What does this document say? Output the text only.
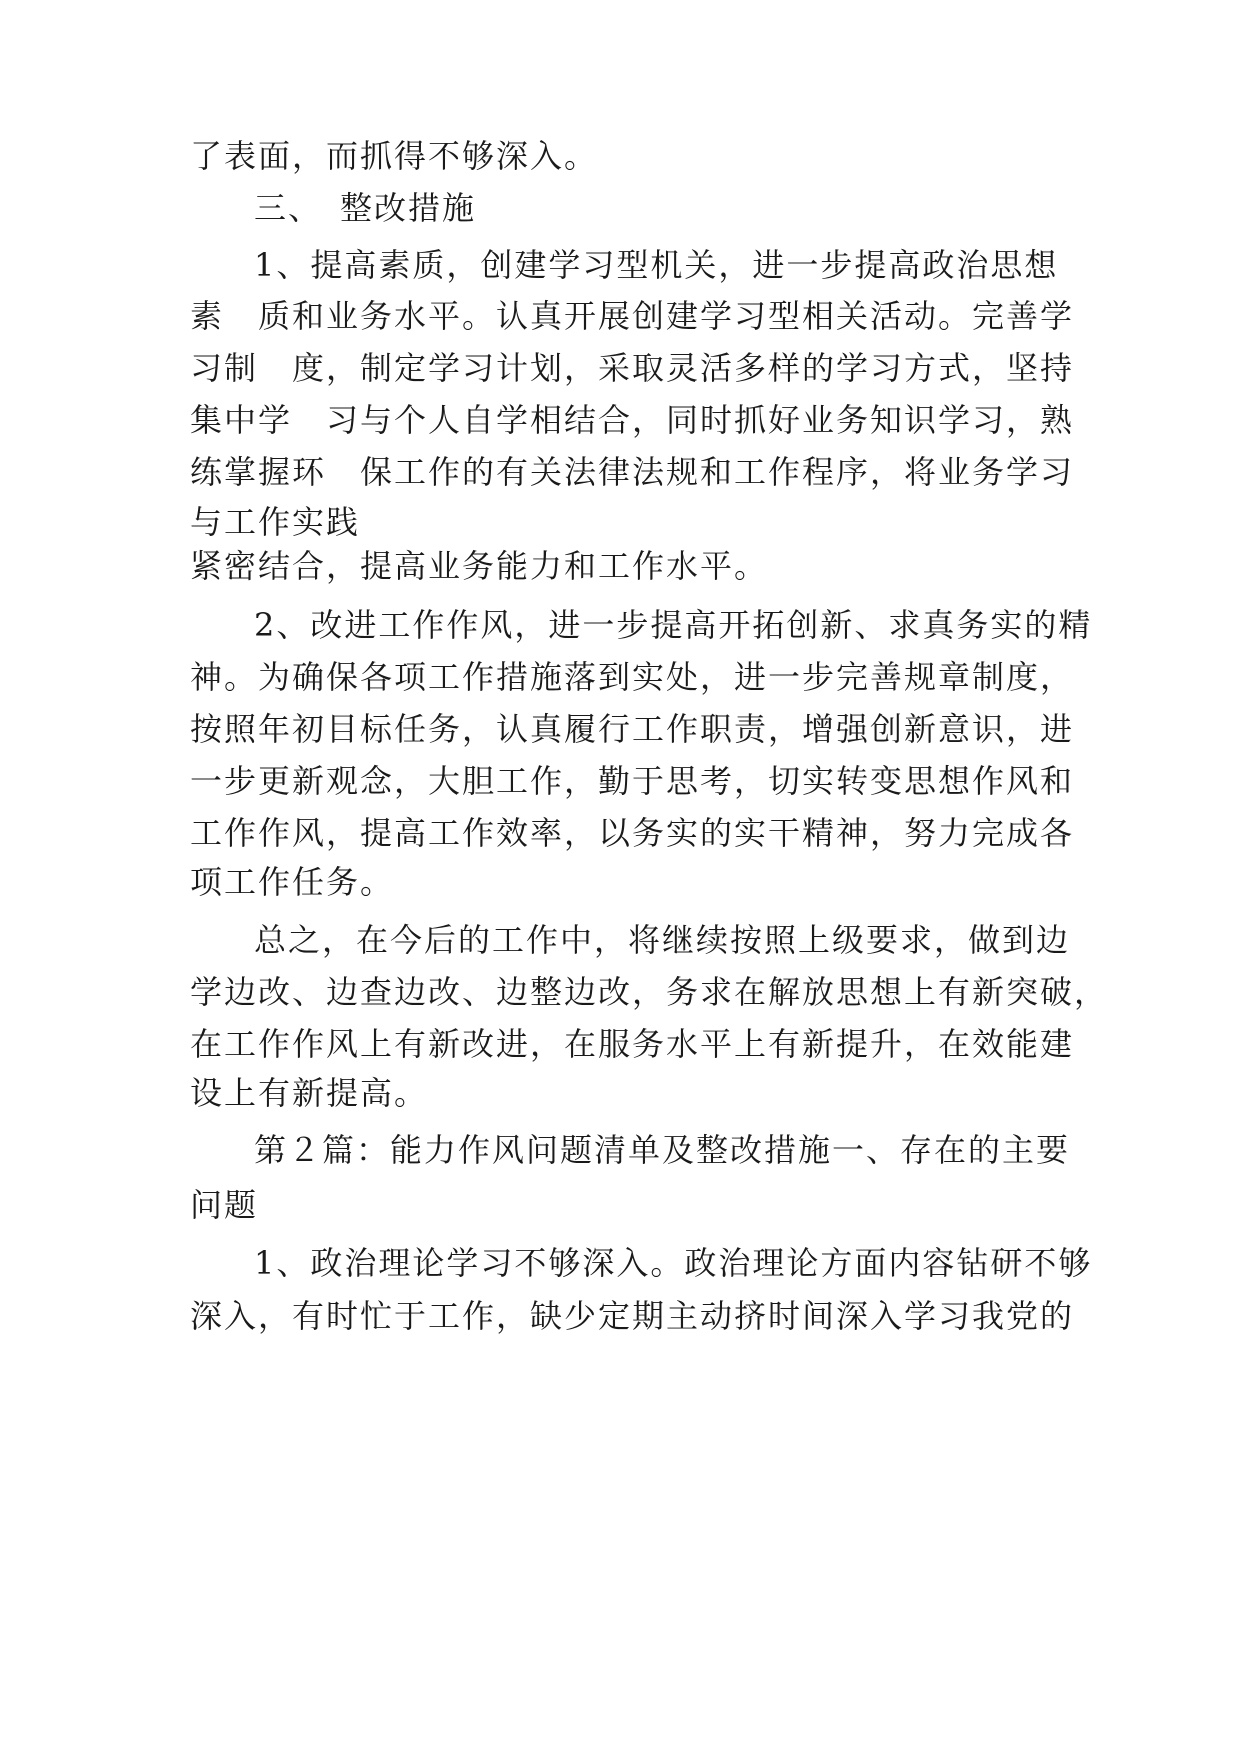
了表面，而抓得不够深入。
三、　整改措施
1、提高素质，创建学习型机关，进一步提高政治思想
素　质和业务水平。认真开展创建学习型相关活动。完善学
习制　度，制定学习计划，采取灵活多样的学习方式，坚持
集中学　习与个人自学相结合，同时抓好业务知识学习，熟
练掌握环　保工作的有关法律法规和工作程序，将业务学习
与工作实践
紧密结合，提高业务能力和工作水平。
2、改进工作作风，进一步提高开拓创新、求真务实的精
神。为确保各项工作措施落到实处，进一步完善规章制度，
按照年初目标任务，认真履行工作职责，增强创新意识，进
一步更新观念，大胆工作，勤于思考，切实转变思想作风和
工作作风，提高工作效率，以务实的实干精神，努力完成各
项工作任务。
总之，在今后的工作中，将继续按照上级要求，做到边
学边改、边查边改、边整边改，务求在解放思想上有新突破，
在工作作风上有新改进，在服务水平上有新提升，在效能建
设上有新提高。
第２篇：能力作风问题清单及整改措施一、存在的主要
问题
1、政治理论学习不够深入。政治理论方面内容钻研不够
深入，有时忙于工作，缺少定期主动挤时间深入学习我党的
